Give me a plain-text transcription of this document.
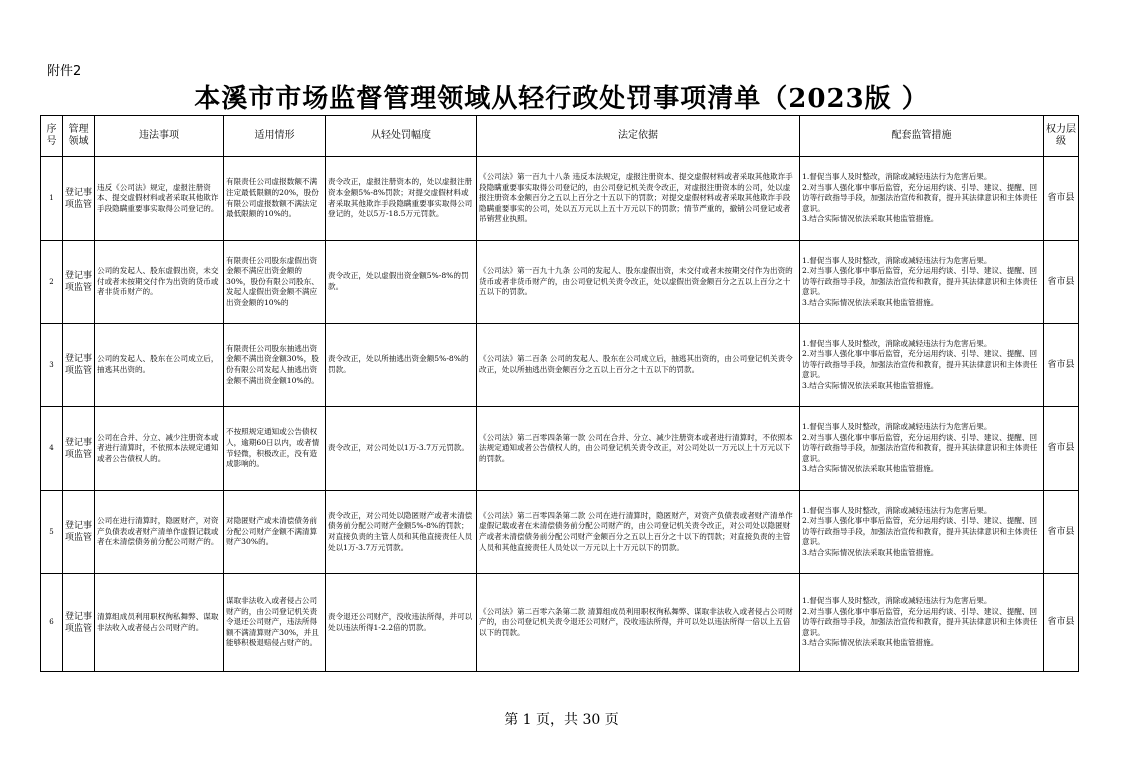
附件2
本溪市市场监督管理领域从轻行政处罚事项清单（2023版 ）
序号	管理领域	违法事项	适用情形	从轻处罚幅度	法定依据	配套监管措施	权力层级
1	登记事项监管	违反《公司法》规定，虚报注册资本、提交虚假材料或者采取其他欺诈手段隐瞒重要事实取得公司登记的。	有限责任公司虚报数额不满注定最低限额的20%，股份有限公司虚报数额不满法定最低限额的10%的。	责令改正，虚报注册资本的，处以虚报注册资本金额5%-8%罚款；对提交虚假材料或者采取其他欺诈手段隐瞒重要事实取得公司登记的，处以5万-18.5万元罚款。	《公司法》第一百九十八条 违反本法规定，虚报注册资本、提交虚假材料或者采取其他欺诈手段隐瞒重要事实取得公司登记的，由公司登记机关责令改正，对虚报注册资本的公司，处以虚报注册资本金额百分之五以上百分之十五以下的罚款；对提交虚假材料或者采取其他欺诈手段隐瞒重要事实的公司，处以五万元以上五十万元以下的罚款；情节严重的，撤销公司登记或者吊销营业执照。	1.督促当事人及时整改，消除或减轻违法行为危害后果。
2.对当事人强化事中事后监管，充分运用约谈、引导、建议、提醒、回访等行政指导手段，加强法治宣传和教育，提升其法律意识和主体责任意识。
3.结合实际情况依法采取其他监管措施。	省市县
2	登记事项监管	公司的发起人、股东虚假出资，未交付或者未按期交付作为出资的货币或者非货币财产的。	有限责任公司股东虚假出资金额不满应出资金额的30%，股份有限公司股东、发起人虚假出资金额不满应出资金额的10%的	责令改正，处以虚假出资金额5%-8%的罚款。	《公司法》第一百九十九条 公司的发起人、股东虚假出资，未交付或者未按期交付作为出资的货币或者非货币财产的，由公司登记机关责令改正，处以虚假出资金额百分之五以上百分之十五以下的罚款。	1.督促当事人及时整改，消除或减轻违法行为危害后果。
2.对当事人强化事中事后监管，充分运用约谈、引导、建议、提醒、回访等行政指导手段，加强法治宣传和教育，提升其法律意识和主体责任意识。
3.结合实际情况依法采取其他监管措施。	省市县
3	登记事项监管	公司的发起人、股东在公司成立后，抽逃其出资的。	有限责任公司股东抽逃出资金额不满出资金额30%，股份有限公司发起人抽逃出资金额不满出资金额10%的。	责令改正，处以所抽逃出资金额5%-8%的罚款。	《公司法》第二百条 公司的发起人、股东在公司成立后，抽逃其出资的，由公司登记机关责令改正，处以所抽逃出资金额百分之五以上百分之十五以下的罚款。	1.督促当事人及时整改，消除或减轻违法行为危害后果。
2.对当事人强化事中事后监管，充分运用约谈、引导、建议、提醒、回访等行政指导手段，加强法治宣传和教育，提升其法律意识和主体责任意识。
3.结合实际情况依法采取其他监管措施。	省市县
4	登记事项监管	公司在合并、分立、减少注册资本或者进行清算时，不依照本法规定通知或者公告债权人的。	不按照规定通知或公告债权人，逾期60日以内，或者情节轻微，积极改正，没有造成影响的。	责令改正，对公司处以1万-3.7万元罚款。	《公司法》第二百零四条第一款 公司在合并、分立、减少注册资本或者进行清算时，不依照本法规定通知或者公告债权人的，由公司登记机关责令改正，对公司处以一万元以上十万元以下的罚款。	1.督促当事人及时整改，消除或减轻违法行为危害后果。
2.对当事人强化事中事后监管，充分运用约谈、引导、建议、提醒、回访等行政指导手段，加强法治宣传和教育，提升其法律意识和主体责任意识。
3.结合实际情况依法采取其他监管措施。	省市县
5	登记事项监管	公司在进行清算时，隐匿财产，对资产负债表或者财产清单作虚假记载或者在未清偿债务前分配公司财产的。	对隐匿财产或未清偿债务前分配公司财产金额不满清算财产30%的。	责令改正，对公司处以隐匿财产或者未清偿债务前分配公司财产金额5%-8%的罚款；对直接负责的主管人员和其他直接责任人员处以1万-3.7万元罚款。	《公司法》第二百零四条第二款 公司在进行清算时，隐匿财产，对资产负债表或者财产清单作虚假记载或者在未清偿债务前分配公司财产的，由公司登记机关责令改正，对公司处以隐匿财产或者未清偿债务前分配公司财产金额百分之五以上百分之十以下的罚款；对直接负责的主管人员和其他直接责任人员处以一万元以上十万元以下的罚款。	1.督促当事人及时整改，消除或减轻违法行为危害后果。
2.对当事人强化事中事后监管，充分运用约谈、引导、建议、提醒、回访等行政指导手段，加强法治宣传和教育，提升其法律意识和主体责任意识。
3.结合实际情况依法采取其他监管措施。	省市县
6	登记事项监管	清算组成员利用职权徇私舞弊、谋取非法收入或者侵占公司财产的。	谋取非法收入或者侵占公司财产的，由公司登记机关责令退还公司财产，违法所得额不满清算财产30%，并且能够积极退赔侵占财产的。	责令退还公司财产，没收违法所得，并可以处以违法所得1-2.2倍的罚款。	《公司法》第二百零六条第二款 清算组成员利用职权徇私舞弊、谋取非法收入或者侵占公司财产的，由公司登记机关责令退还公司财产，没收违法所得，并可以处以违法所得一倍以上五倍以下的罚款。	1.督促当事人及时整改，消除或减轻违法行为危害后果。
2.对当事人强化事中事后监管，充分运用约谈、引导、建议、提醒、回访等行政指导手段，加强法治宣传和教育，提升其法律意识和主体责任意识。
3.结合实际情况依法采取其他监管措施。	省市县
第 1 页，共 30 页
